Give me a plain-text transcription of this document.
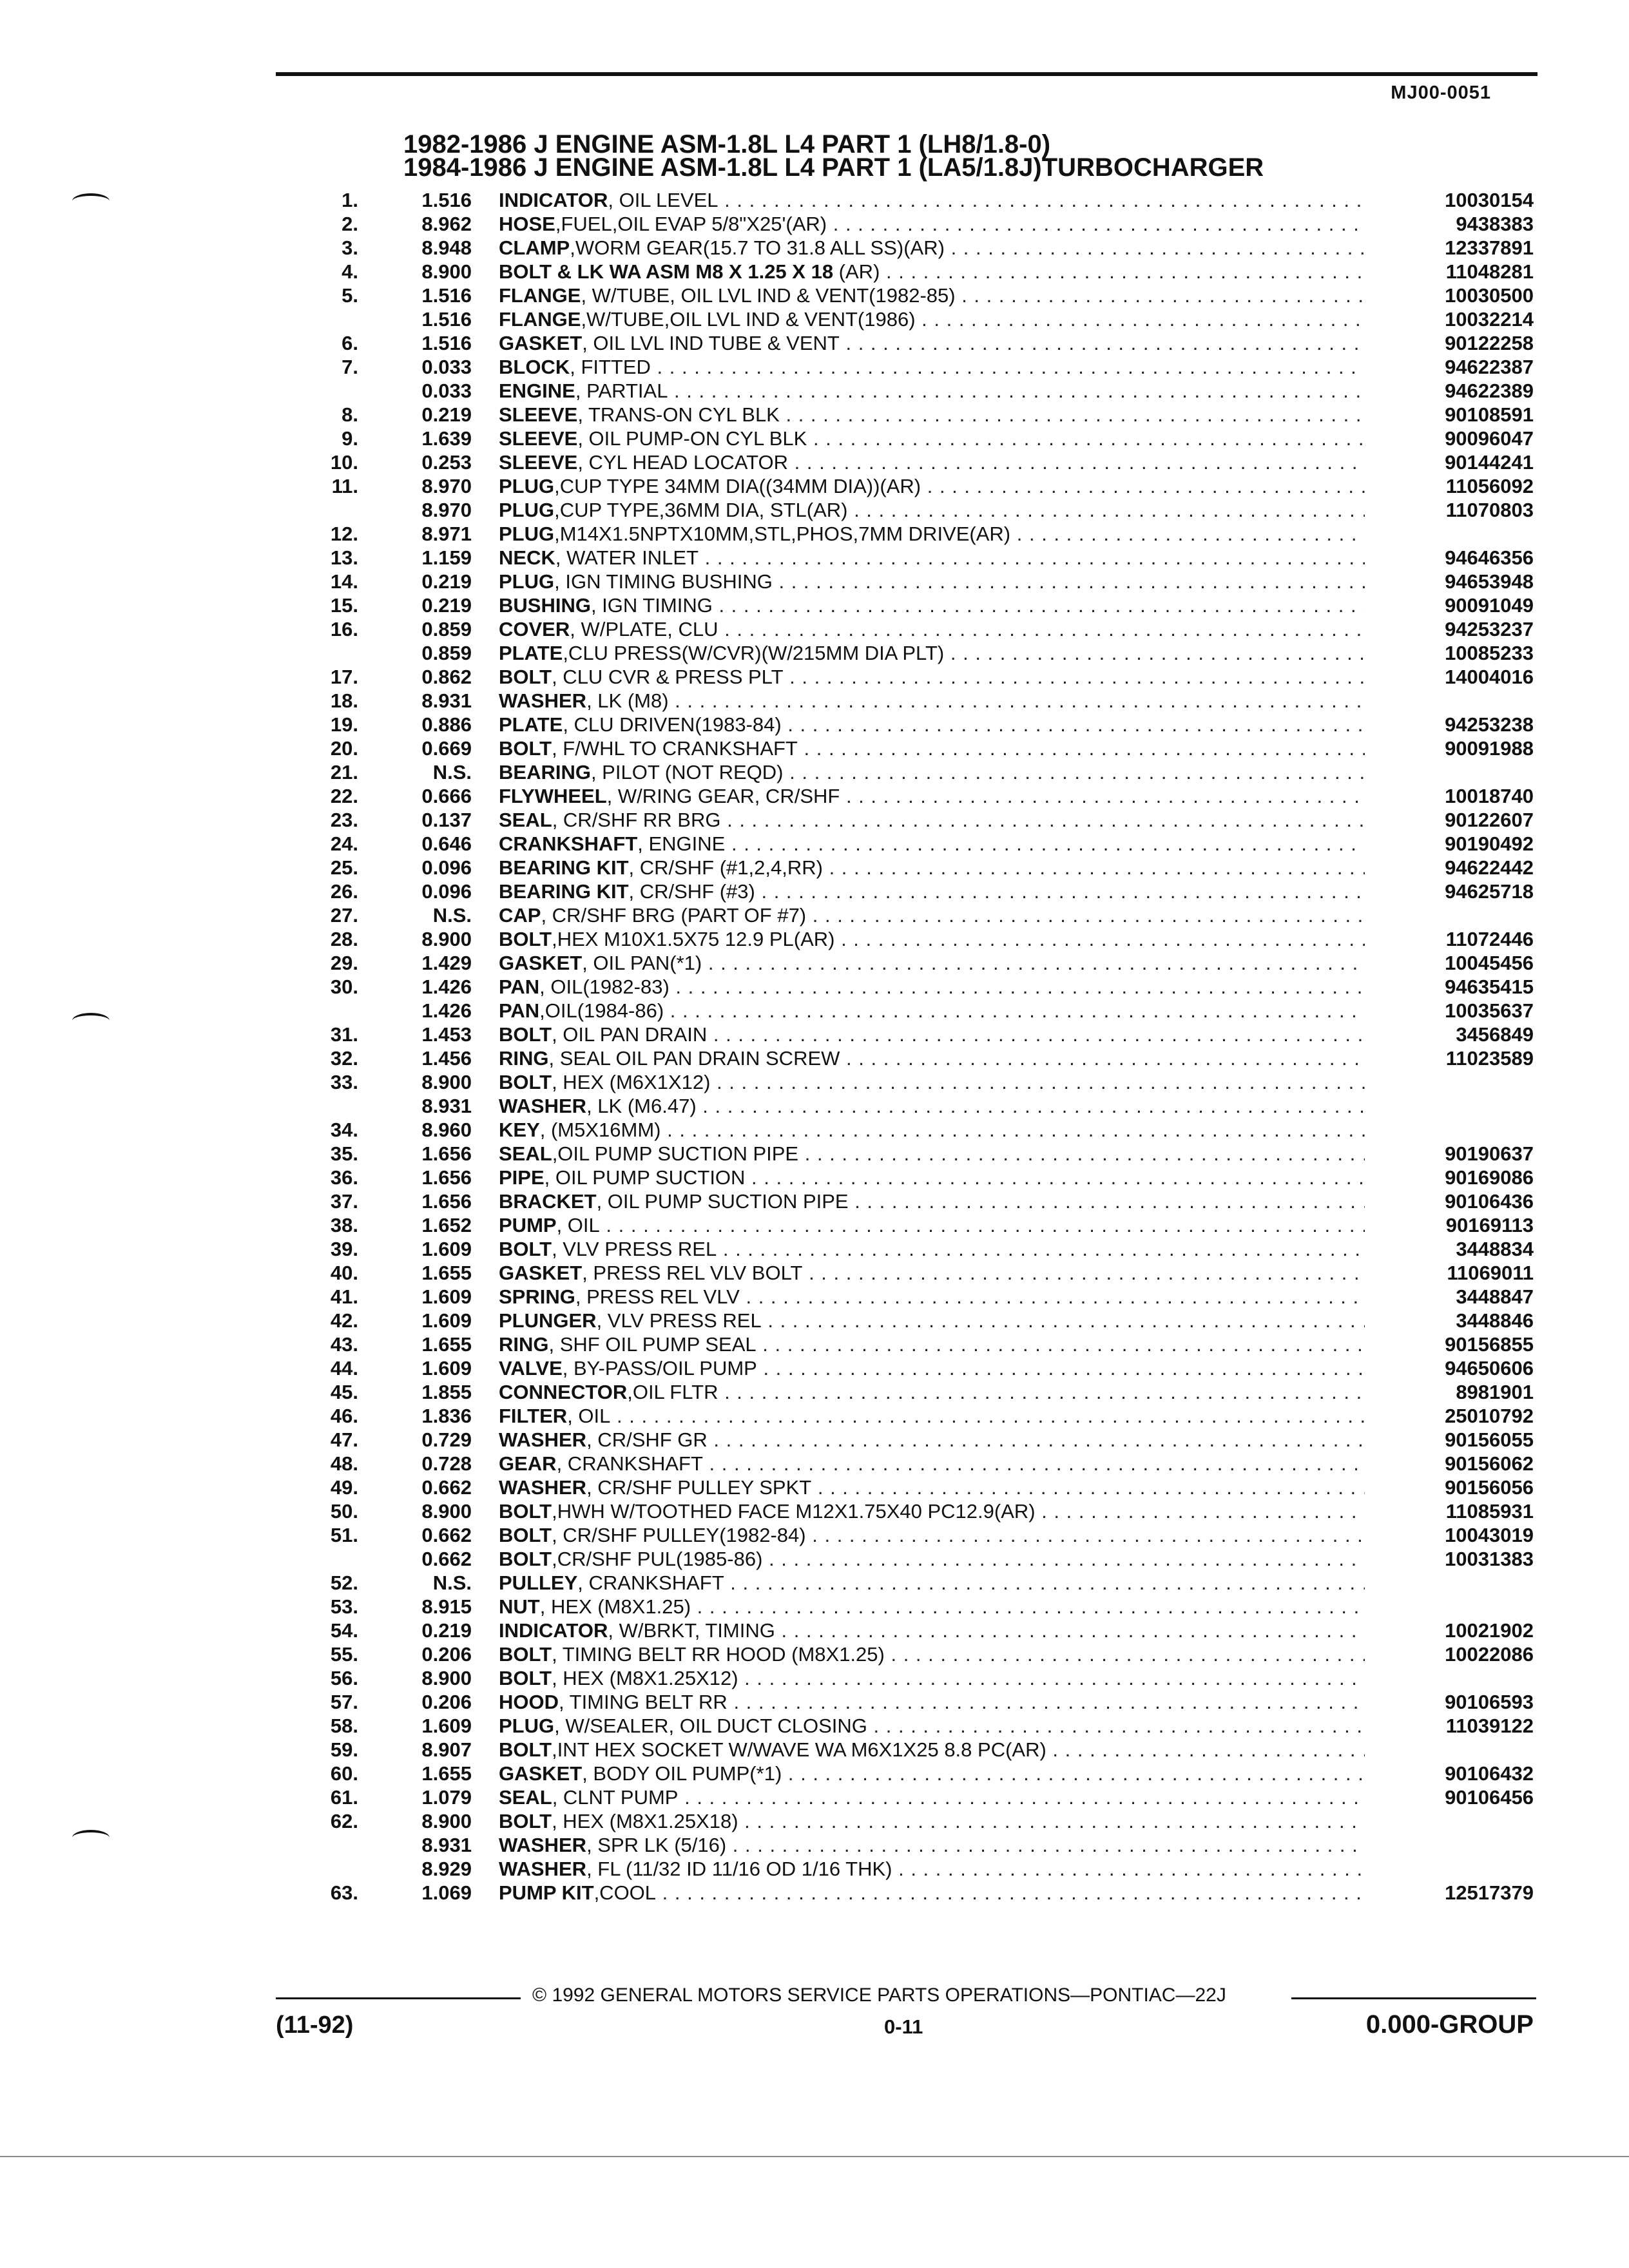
MJ00-0051
1982-1986 J ENGINE ASM-1.8L L4 PART 1 (LH8/1.8-0)
1984-1986 J ENGINE ASM-1.8L L4 PART 1 (LA5/1.8J)TURBOCHARGER
1.	1.516 INDICATOR, OIL LEVEL . . .	10030154
2.	8.962 HOSE,FUEL,OIL EVAP 5/8"X25'(AR) . . .	9438383
3.	8.948 CLAMP,WORM GEAR(15.7 TO 31.8 ALL SS)(AR) . . .	12337891
4.	8.900 BOLT & LK WA ASM M8 X 1.25 X 18 (AR) . . .	11048281
5.	1.516 FLANGE, W/TUBE, OIL LVL IND & VENT(1982-85) . . .	10030500
1.516 FLANGE,W/TUBE,OIL LVL IND & VENT(1986) . . .	10032214
6.	1.516 GASKET, OIL LVL IND TUBE & VENT . . .	90122258
7.	0.033 BLOCK, FITTED . . .	94622387
0.033 ENGINE, PARTIAL . . .	94622389
8.	0.219 SLEEVE, TRANS-ON CYL BLK . . .	90108591
9.	1.639 SLEEVE, OIL PUMP-ON CYL BLK . . .	90096047
10.	0.253 SLEEVE, CYL HEAD LOCATOR . . .	90144241
11.	8.970 PLUG,CUP TYPE 34MM DIA((34MM DIA))(AR) . . .	11056092
8.970 PLUG,CUP TYPE,36MM DIA, STL(AR) . . .	11070803
12.	8.971 PLUG,M14X1.5NPTX10MM,STL,PHOS,7MM DRIVE(AR) . . .
13.	1.159 NECK, WATER INLET . . .	94646356
14.	0.219 PLUG, IGN TIMING BUSHING . . .	94653948
15.	0.219 BUSHING, IGN TIMING . . .	90091049
16.	0.859 COVER, W/PLATE, CLU . . .	94253237
0.859 PLATE,CLU PRESS(W/CVR)(W/215MM DIA PLT) . . .	10085233
17.	0.862 BOLT, CLU CVR & PRESS PLT . . .	14004016
18.	8.931 WASHER, LK (M8) . . .
19.	0.886 PLATE, CLU DRIVEN(1983-84) . . .	94253238
20.	0.669 BOLT, F/WHL TO CRANKSHAFT . . .	90091988
21.	N.S. BEARING, PILOT (NOT REQD) . . .
22.	0.666 FLYWHEEL, W/RING GEAR, CR/SHF . . .	10018740
23.	0.137 SEAL, CR/SHF RR BRG . . .	90122607
24.	0.646 CRANKSHAFT, ENGINE . . .	90190492
25.	0.096 BEARING KIT, CR/SHF (#1,2,4,RR) . . .	94622442
26.	0.096 BEARING KIT, CR/SHF (#3) . . .	94625718
27.	N.S. CAP, CR/SHF BRG (PART OF #7) . . .
28.	8.900 BOLT,HEX M10X1.5X75 12.9 PL(AR) . . .	11072446
29.	1.429 GASKET, OIL PAN(*1) . . .	10045456
30.	1.426 PAN, OIL(1982-83) . . .	94635415
1.426 PAN,OIL(1984-86) . . .	10035637
31.	1.453 BOLT, OIL PAN DRAIN . . .	3456849
32.	1.456 RING, SEAL OIL PAN DRAIN SCREW . . .	11023589
33.	8.900 BOLT, HEX (M6X1X12) . . .
8.931 WASHER, LK (M6.47) . . .
34.	8.960 KEY, (M5X16MM) . . .
35.	1.656 SEAL,OIL PUMP SUCTION PIPE . . .	90190637
36.	1.656 PIPE, OIL PUMP SUCTION . . .	90169086
37.	1.656 BRACKET, OIL PUMP SUCTION PIPE . . .	90106436
38.	1.652 PUMP, OIL . . .	90169113
39.	1.609 BOLT, VLV PRESS REL . . .	3448834
40.	1.655 GASKET, PRESS REL VLV BOLT . . .	11069011
41.	1.609 SPRING, PRESS REL VLV . . .	3448847
42.	1.609 PLUNGER, VLV PRESS REL . . .	3448846
43.	1.655 RING, SHF OIL PUMP SEAL . . .	90156855
44.	1.609 VALVE, BY-PASS/OIL PUMP . . .	94650606
45.	1.855 CONNECTOR,OIL FLTR . . .	8981901
46.	1.836 FILTER, OIL . . .	25010792
47.	0.729 WASHER, CR/SHF GR . . .	90156055
48.	0.728 GEAR, CRANKSHAFT . . .	90156062
49.	0.662 WASHER, CR/SHF PULLEY SPKT . . .	90156056
50.	8.900 BOLT,HWH W/TOOTHED FACE M12X1.75X40 PC12.9(AR) . . .	11085931
51.	0.662 BOLT, CR/SHF PULLEY(1982-84) . . .	10043019
0.662 BOLT,CR/SHF PUL(1985-86) . . .	10031383
52.	N.S. PULLEY, CRANKSHAFT . . .
53.	8.915 NUT, HEX (M8X1.25) . . .
54.	0.219 INDICATOR, W/BRKT, TIMING . . .	10021902
55.	0.206 BOLT, TIMING BELT RR HOOD (M8X1.25) . . .	10022086
56.	8.900 BOLT, HEX (M8X1.25X12) . . .
57.	0.206 HOOD, TIMING BELT RR . . .	90106593
58.	1.609 PLUG, W/SEALER, OIL DUCT CLOSING . . .	11039122
59.	8.907 BOLT,INT HEX SOCKET W/WAVE WA M6X1X25 8.8 PC(AR) . . .
60.	1.655 GASKET, BODY OIL PUMP(*1) . . .	90106432
61.	1.079 SEAL, CLNT PUMP . . .	90106456
62.	8.900 BOLT, HEX (M8X1.25X18) . . .
8.931 WASHER, SPR LK (5/16) . . .
8.929 WASHER, FL (11/32 ID 11/16 OD 1/16 THK) . . .
63.	1.069 PUMP KIT,COOL . . .	12517379
© 1992 GENERAL MOTORS SERVICE PARTS OPERATIONS—PONTIAC—22J
(11-92)	0-11	0.000-GROUP
